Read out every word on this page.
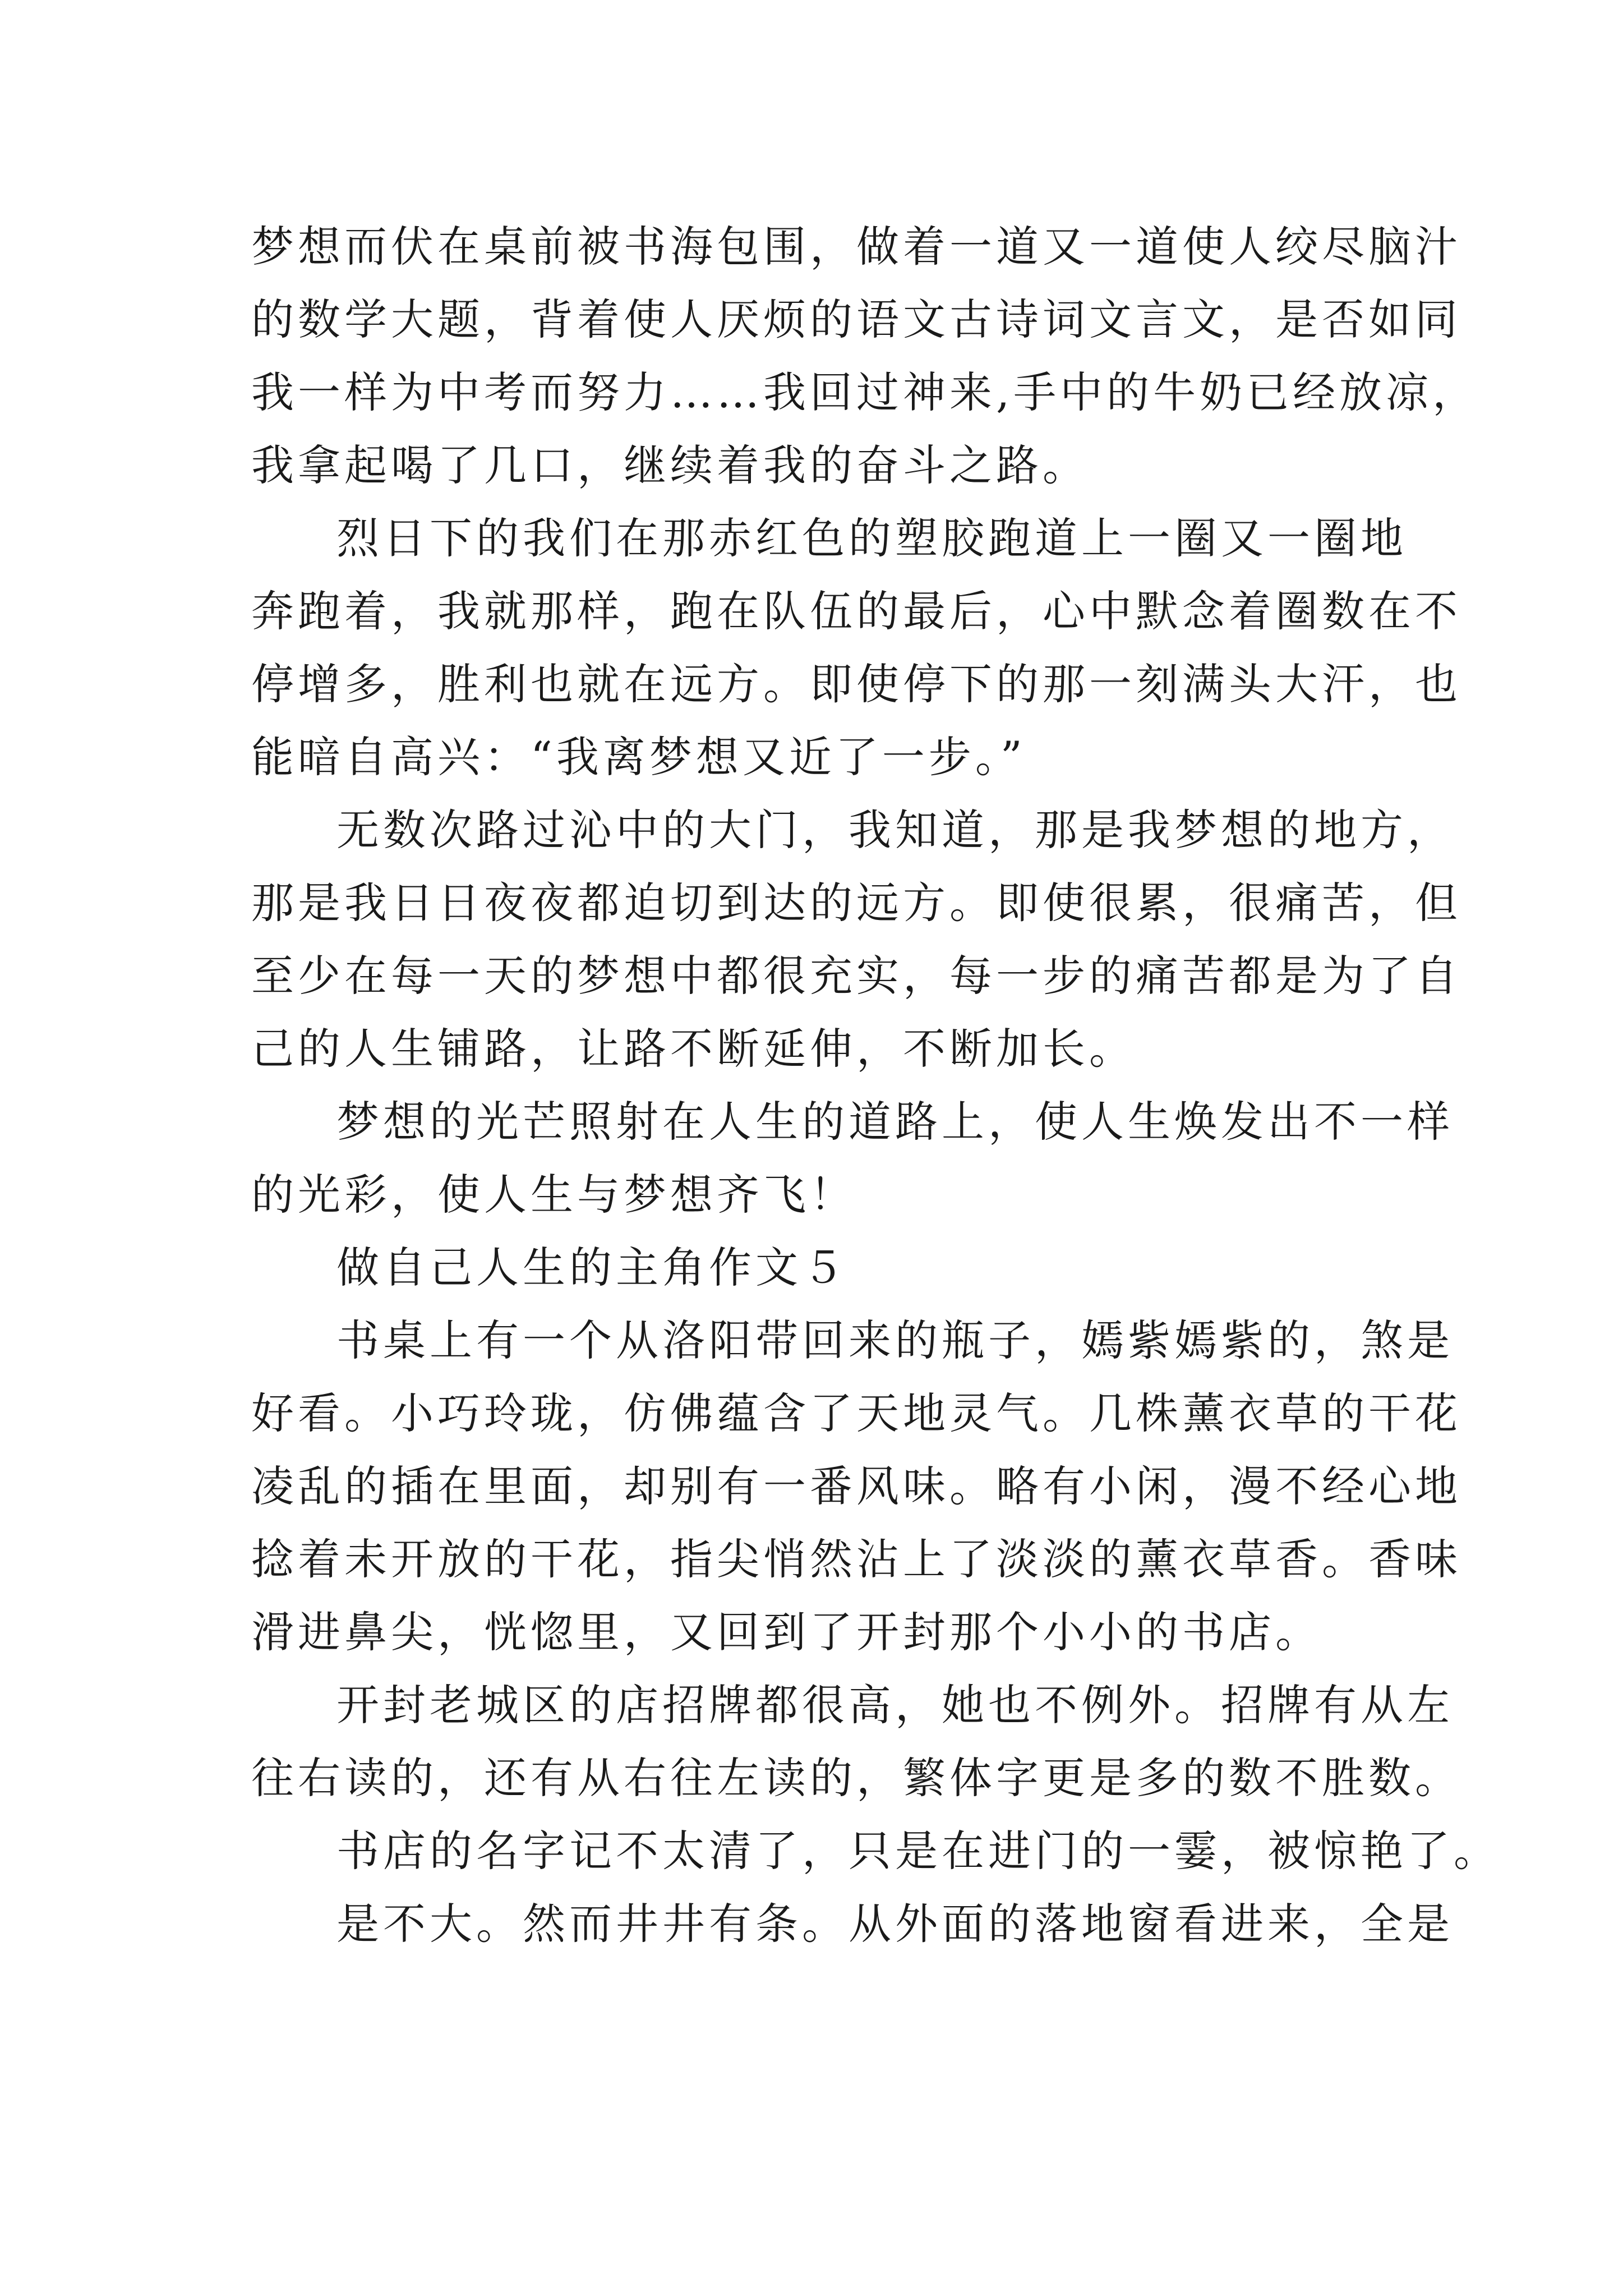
梦想而伏在桌前被书海包围，做着一道又一道使人绞尽脑汁
的数学大题，背着使人厌烦的语文古诗词文言文，是否如同
我一样为中考而努力……我回过神来,手中的牛奶已经放凉，
我拿起喝了几口，继续着我的奋斗之路。
烈日下的我们在那赤红色的塑胶跑道上一圈又一圈地
奔跑着，我就那样，跑在队伍的最后，心中默念着圈数在不
停增多，胜利也就在远方。即使停下的那一刻满头大汗，也
能暗自高兴：“我离梦想又近了一步。”
无数次路过沁中的大门，我知道，那是我梦想的地方，
那是我日日夜夜都迫切到达的远方。即使很累，很痛苦，但
至少在每一天的梦想中都很充实，每一步的痛苦都是为了自
己的人生铺路，让路不断延伸，不断加长。
梦想的光芒照射在人生的道路上，使人生焕发出不一样
的光彩，使人生与梦想齐飞！
做自己人生的主角作文５
书桌上有一个从洛阳带回来的瓶子，嫣紫嫣紫的，煞是
好看。小巧玲珑，仿佛蕴含了天地灵气。几株薰衣草的干花
凌乱的插在里面，却别有一番风味。略有小闲，漫不经心地
捻着未开放的干花，指尖悄然沾上了淡淡的薰衣草香。香味
滑进鼻尖，恍惚里，又回到了开封那个小小的书店。
开封老城区的店招牌都很高，她也不例外。招牌有从左
往右读的，还有从右往左读的，繁体字更是多的数不胜数。
书店的名字记不太清了，只是在进门的一霎，被惊艳了。
是不大。然而井井有条。从外面的落地窗看进来，全是
